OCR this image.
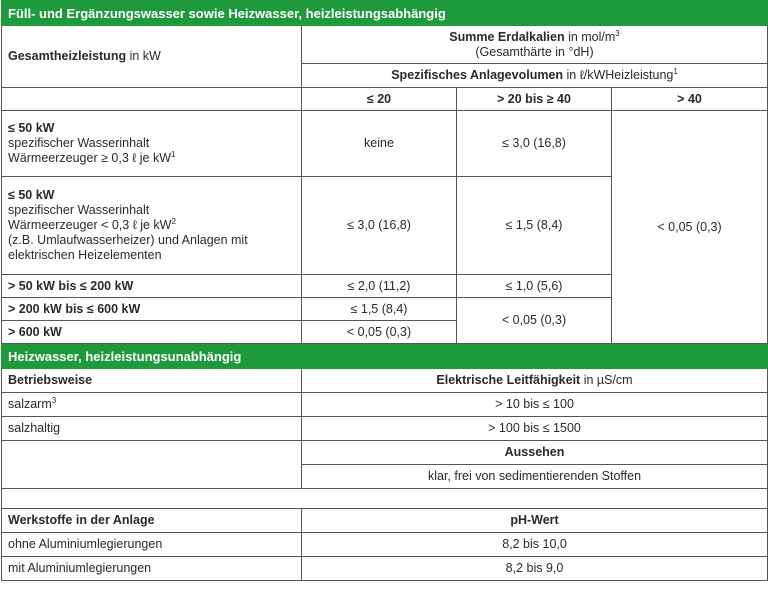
Füll- und Ergänzungswasser sowie Heizwasser, heizleistungsabhängig			
Gesamtheizleistung in kW	Summe Erdalkalien in mol/$m^3$
(Gesamthärte in °dH)		
	Spezifisches Anlagevolumen in ℓ/kWHeizleistung$^1$
	≤ 20	> 20 bis ≥ 40	> 40
≤ 50 kW
spezifischer Wasserinhalt
Wärmeerzeuger ≥ 0,3 ℓ je $kW^1$	keine	≤ 3,0 (16,8)	< 0,05 (0,3)
≤ 50 kW
spezifischer Wasserinhalt
Wärmeerzeuger < 0,3 ℓ je $kW^2$
(z.B. Umlaufwasserheizer) und Anlagen mit
elektrischen Heizelementen	≤ 3,0 (16,8)	≤ 1,5 (8,4)	
> 50 kW bis ≤ 200 kW	≤ 2,0 (11,2)	≤ 1,0 (5,6)	
> 200 kW bis ≤ 600 kW	≤ 1,5 (8,4)	< 0,05 (0,3)	
> 600 kW	< 0,05 (0,3)		
Heizwasser, heizleistungsunabhängig			
Betriebsweise	Elektrische Leitfähigkeit in µS/cm		
salzarm$^3$	> 10 bis ≤ 100		
salzhaltig	> 100 bis ≤ 1500		
	Aussehen		
	klar, frei von sedimentierenden Stoffen		

Werkstoffe in der Anlage	pH-Wert		
ohne Aluminiumlegierungen	8,2 bis 10,0		
mit Aluminiumlegierungen	8,2 bis 9,0		
